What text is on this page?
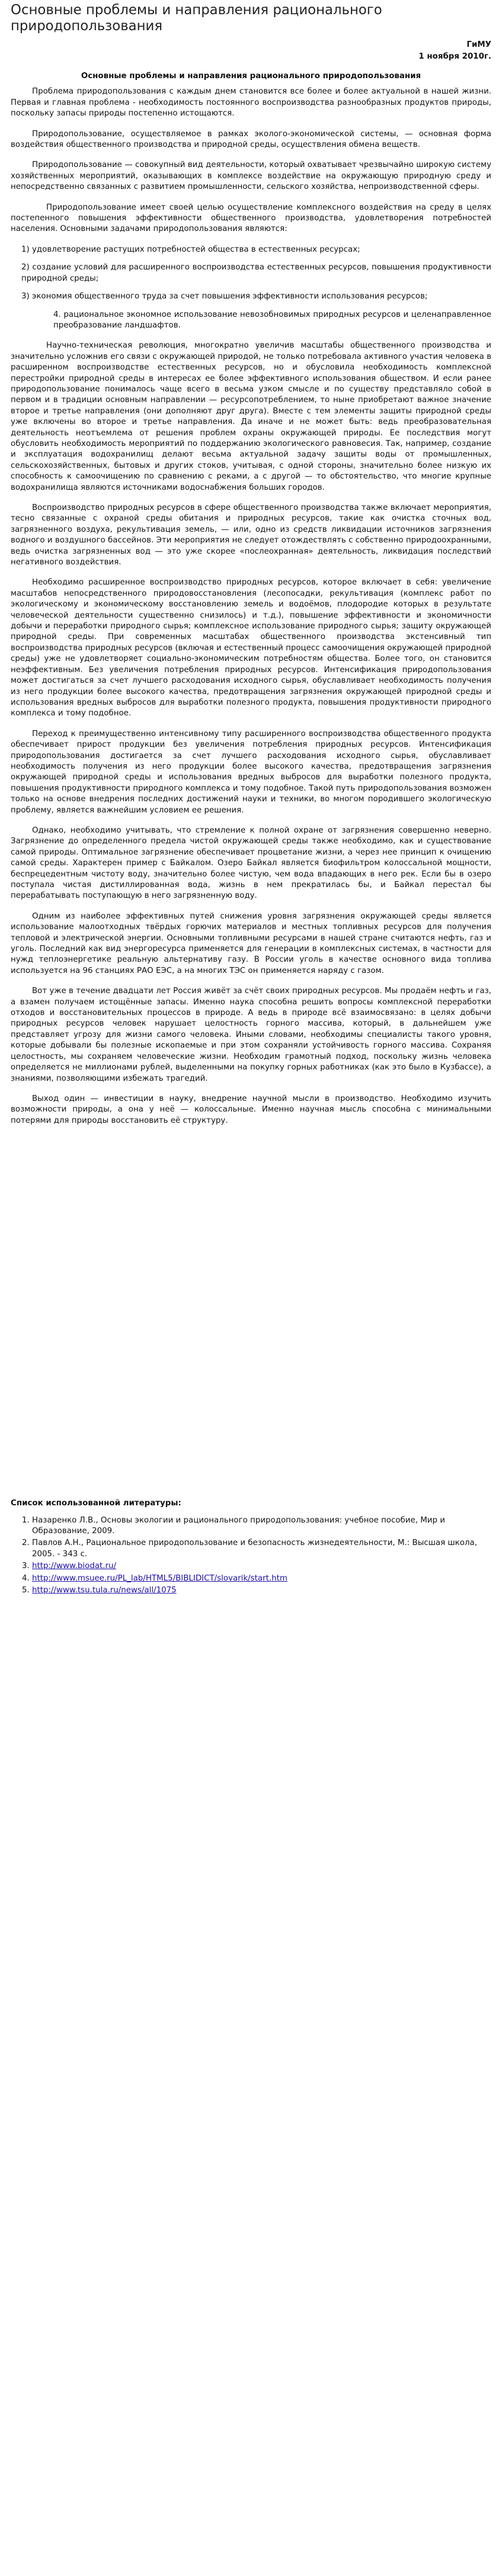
Основные проблемы и направления рационального природопользования
ГиМУ
1 ноября 2010г.
Основные проблемы и направления рационального природопользования

Проблема природопользования с каждым днем становится все более и более актуальной в нашей жизни. Первая и главная проблема - необходимость постоянного воспроизводства разнообразных продуктов природы, поскольку запасы природы постепенно истощаются.

Природопользование, осуществляемое в рамках эколого-экономической системы, — основная форма воздействия общественного производства и природной среды, осуществления обмена веществ.

Природопользование — совокупный вид деятельности, который охватывает чрезвычайно широкую систему хозяйственных мероприятий, оказывающих в комплексе воздействие на окружающую природную среду и непосредственно связанных с развитием промышленности, сельского хозяйства, непроизводственной сферы.

Природопользование имеет своей целью осуществление комплексного воздействия на среду в целях постепенного повышения эффективности общественного производства, удовлетворения потребностей населения. Основными задачами природопользования являются:

1) удовлетворение растущих потребностей общества в естественных ресурсах;

2) создание условий для расширенного воспроизводства естественных ресурсов, повышения продуктивности природной среды;

3) экономия общественного труда за счет повышения эффективности использования ресурсов;

4. рациональное экономное использование невозобновимых природных ресурсов и целенаправленное преобразование ландшафтов.

Научно-техническая революция, многократно увеличив масштабы общественного производства и значительно усложнив его связи с окружающей природой, не только потребовала активного участия человека в расширенном воспроизводстве естественных ресурсов, но и обусловила необходимость комплексной перестройки природной среды в интересах ее более эффективного использования обществом. И если ранее природопользование понималось чаще всего в весьма узком смысле и по существу представляло собой в первом и в традиции основным направлении — ресурсопотреблением, то ныне приобретают важное значение второе и третье направления (они дополняют друг друга). Вместе с тем элементы защиты природной среды уже включены во второе и третье направления. Да иначе и не может быть: ведь преобразовательная деятельность неотъемлема от решения проблем охраны окружающей природы. Ее последствия могут обусловить необходимость мероприятий по поддержанию экологического равновесия. Так, например, создание и эксплуатация водохранилищ делают весьма актуальной задачу защиты воды от промышленных, сельскохозяйственных, бытовых и других стоков, учитывая, с одной стороны, значительно более низкую их способность к самоочищению по сравнению с реками, а с другой — то обстоятельство, что многие крупные водохранилища являются источниками водоснабжения больших городов.

Воспроизводство природных ресурсов в сфере общественного производства также включает мероприятия, тесно связанные с охраной среды обитания и природных ресурсов, такие как очистка сточных вод, загрязненного воздуха, рекультивация земель, — или, одно из средств ликвидации источников загрязнения водного и воздушного бассейнов. Эти мероприятия не следует отождествлять с собственно природоохранными, ведь очистка загрязненных вод — это уже скорее «послеохранная» деятельность, ликвидация последствий негативного воздействия.

Необходимо расширенное воспроизводство природных ресурсов, которое включает в себя: увеличение масштабов непосредственного природовосстановления (лесопосадки, рекультивация (комплекс работ по экологическому и экономическому восстановлению земель и водоёмов, плодородие которых в результате человеческой деятельности существенно снизилось) и т.д.), повышение эффективности и экономичности добычи и переработки природного сырья; комплексное использование природного сырья; защиту окружающей природной среды. При современных масштабах общественного производства экстенсивный тип воспроизводства природных ресурсов (включая и естественный процесс самоочищения окружающей природной среды) уже не удовлетворяет социально-экономическим потребностям общества. Более того, он становится неэффективным. Без увеличения потребления природных ресурсов. Интенсификация природопользования может достигаться за счет лучшего расходования исходного сырья, обуславливает необходимость получения из него продукции более высокого качества, предотвращения загрязнения окружающей природной среды и использования вредных выбросов для выработки полезного продукта, повышения продуктивности природного комплекса и тому подобное.

Переход к преимущественно интенсивному типу расширенного воспроизводства общественного продукта обеспечивает прирост продукции без увеличения потребления природных ресурсов. Интенсификация природопользования достигается за счет лучшего расходования исходного сырья, обуславливает необходимость получения из него продукции более высокого качества, предотвращения загрязнения окружающей природной среды и использования вредных выбросов для выработки полезного продукта, повышения продуктивности природного комплекса и тому подобное. Такой путь природопользования возможен только на основе внедрения последних достижений науки и техники, во многом породившего экологическую проблему, является важнейшим условием ее решения.

Однако, необходимо учитывать, что стремление к полной охране от загрязнения совершенно неверно. Загрязнение до определенного предела чистой окружающей среды также необходимо, как и существование самой природы. Оптимальное загрязнение обеспечивает процветание жизни, а через нее принцип к очищению самой среды. Характерен пример с Байкалом. Озеро Байкал является биофильтром колоссальной мощности, беспрецедентным чистоту воду, значительно более чистую, чем вода впадающих в него рек. Если бы в озеро поступала чистая дистиллированная вода, жизнь в нем прекратилась бы, и Байкал перестал бы перерабатывать поступающую в него загрязненную воду.

Одним из наиболее эффективных путей снижения уровня загрязнения окружающей среды является использование малоотходных твёрдых горючих материалов и местных топливных ресурсов для получения тепловой и электрической энергии. Основными топливными ресурсами в нашей стране считаются нефть, газ и уголь. Последний как вид энергоресурса применяется для генерации в комплексных системах, в частности для нужд теплоэнергетике реальную альтернативу газу. В России уголь в качестве основного вида топлива используется на 96 станциях РАО ЕЭС, а на многих ТЭС он применяется наряду с газом.

Вот уже в течение двадцати лет Россия живёт за счёт своих природных ресурсов. Мы продаём нефть и газ, а взамен получаем истощённые запасы. Именно наука способна решить вопросы комплексной переработки отходов и восстановительных процессов в природе. А ведь в природе всё взаимосвязано: в целях добычи природных ресурсов человек нарушает целостность горного массива, который, в дальнейшем уже представляет угрозу для жизни самого человека. Иными словами, необходимы специалисты такого уровня, которые добывали бы полезные ископаемые и при этом сохраняли устойчивость горного массива. Сохраняя целостность, мы сохраняем человеческие жизни. Необходим грамотный подход, поскольку жизнь человека определяется не миллионами рублей, выделенными на покупку горных работниках (как это было в Кузбассе), а знаниями, позволяющими избежать трагедий.

Выход один — инвестиции в науку, внедрение научной мысли в производство. Необходимо изучить возможности природы, а она у неё — колоссальные. Именно научная мысль способна с минимальными потерями для природы восстановить её структуру.

Список использованной литературы:
1. Назаренко Л.В., Основы экологии и рационального природопользования: учебное пособие, Мир и Образование, 2009.
2. Павлов А.Н., Рациональное природопользование и безопасность жизнедеятельности, М.: Высшая школа, 2005. - 343 с.
3. http://www.biodat.ru/
4. http://www.msuee.ru/PL_lab/HTML5/BIBLIDICT/slovarik/start.htm
5. http://www.tsu.tula.ru/news/all/1075
